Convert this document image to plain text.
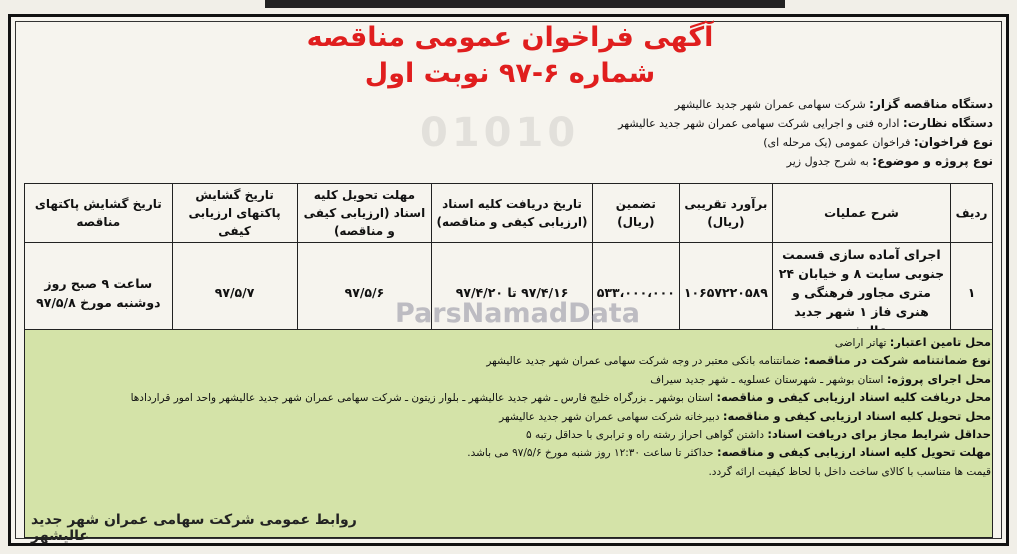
01010
آگهی فراخوان عمومی مناقصه
شماره ۶-۹۷ نوبت اول
دستگاه مناقصه گزار: شرکت سهامی عمران شهر جدید عالیشهر
دستگاه نظارت: اداره فنی و اجرایی شرکت سهامی عمران شهر جدید عالیشهر
نوع فراخوان: فراخوان عمومی (یک مرحله ای)
نوع پروژه و موضوع: به شرح جدول زیر
ردیف	شرح عملیات	برآورد تقریبی (ریال)	تضمین (ریال)	تاریخ دریافت کلیه اسناد (ارزیابی کیفی و مناقصه)	مهلت تحویل کلیه اسناد (ارزیابی کیفی و مناقصه)	تاریخ گشایش پاکتهای ارزیابی کیفی	تاریخ گشایش پاکتهای مناقصه
۱	اجرای آماده سازی قسمت جنوبی سایت ۸ و خیابان ۲۴ متری مجاور فرهنگی و هنری فاز ۱ شهر جدید	۱۰۶۵۷۲۲۰۵۸۹	۵۳۳،۰۰۰،۰۰۰	۹۷/۴/۱۶ تا ۹۷/۴/۲۰	۹۷/۵/۶	۹۷/۵/۷	ساعت ۹ صبح روز دوشنبه مورخ ۹۷/۵/۸	ParsNamadData
محل تامین اعتبار: تهاتر اراضی
نوع ضمانتنامه شرکت در مناقصه: ضمانتنامه بانکی معتبر در وجه شرکت سهامی عمران شهر جدید عالیشهر
محل اجرای پروژه: استان بوشهر ـ شهرستان عسلویه ـ شهر جدید سیراف
محل دریافت کلیه اسناد ارزیابی کیفی و مناقصه: استان بوشهر ـ بزرگراه خلیج فارس ـ شهر جدید عالیشهر ـ بلوار زیتون ـ شرکت سهامی عمران شهر جدید عالیشهر واحد امور قراردادها
محل تحویل کلیه اسناد ارزیابی کیفی و مناقصه: دبیرخانه شرکت سهامی عمران شهر جدید عالیشهر
حداقل شرایط مجاز برای دریافت اسناد: داشتن گواهی احراز رشته راه و ترابری با حداقل رتبه ۵
مهلت تحویل کلیه اسناد ارزیابی کیفی و مناقصه: حداکثر تا ساعت ۱۲:۳۰ روز شنبه مورخ ۹۷/۵/۶ می باشد.
قیمت ها متناسب با کالای ساخت داخل با لحاظ کیفیت ارائه گردد.
روابط عمومی شرکت سهامی عمران شهر جدید عالیشهر
